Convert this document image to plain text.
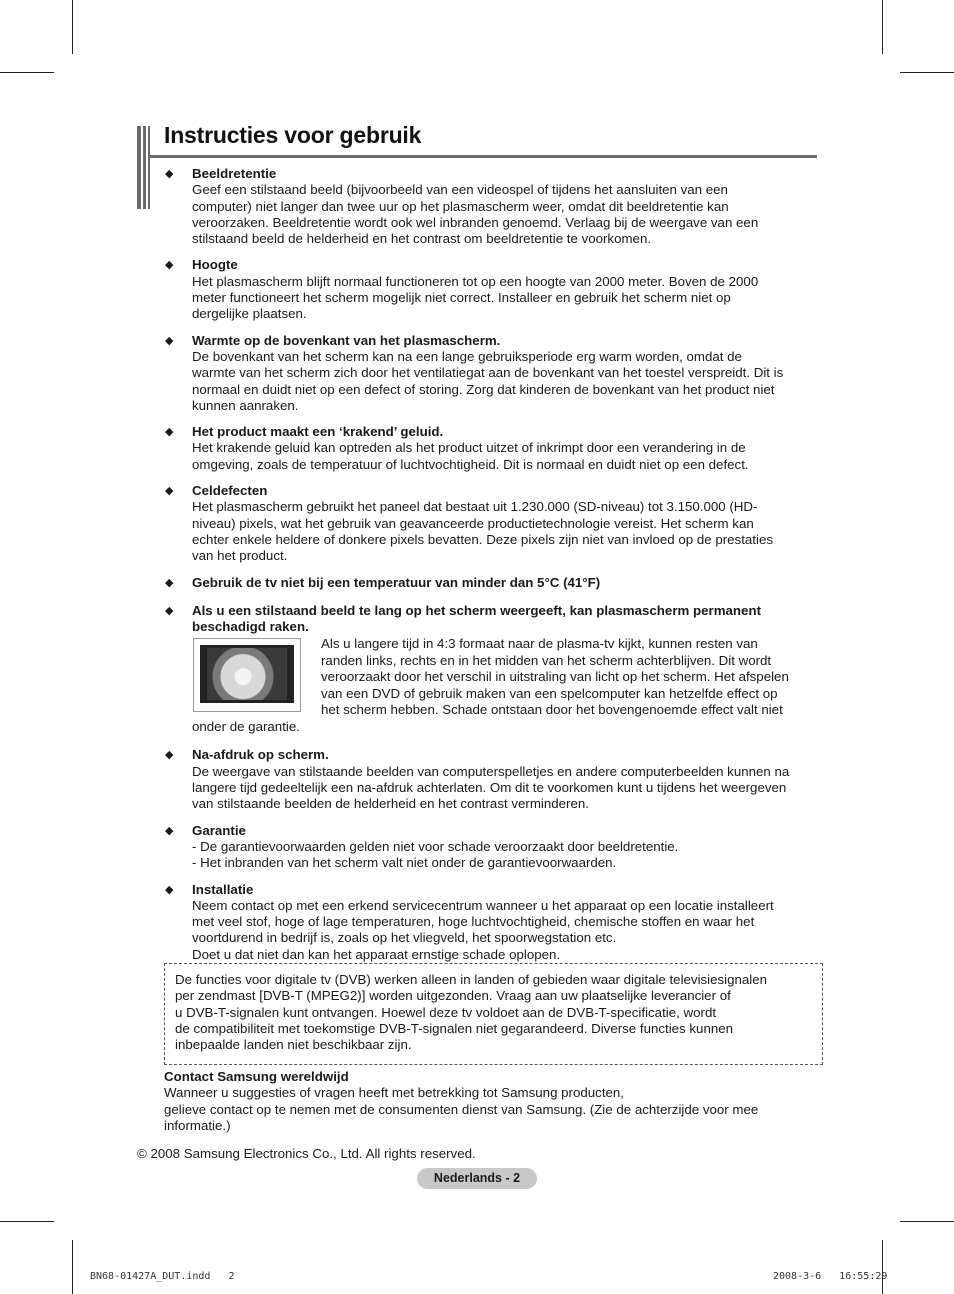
Instructies voor gebruik
◆ Beeldretentie
Geef een stilstaand beeld (bijvoorbeeld van een videospel of tijdens het aansluiten van een
computer) niet langer dan twee uur op het plasmascherm weer, omdat dit beeldretentie kan
veroorzaken. Beeldretentie wordt ook wel inbranden genoemd. Verlaag bij de weergave van een
stilstaand beeld de helderheid en het contrast om beeldretentie te voorkomen.
◆ Hoogte
Het plasmascherm blijft normaal functioneren tot op een hoogte van 2000 meter. Boven de 2000
meter functioneert het scherm mogelijk niet correct. Installeer en gebruik het scherm niet op
dergelijke plaatsen.
◆ Warmte op de bovenkant van het plasmascherm.
De bovenkant van het scherm kan na een lange gebruiksperiode erg warm worden, omdat de
warmte van het scherm zich door het ventilatiegat aan de bovenkant van het toestel verspreidt. Dit is
normaal en duidt niet op een defect of storing. Zorg dat kinderen de bovenkant van het product niet
kunnen aanraken.
◆ Het product maakt een ‘krakend’ geluid.
Het krakende geluid kan optreden als het product uitzet of inkrimpt door een verandering in de
omgeving, zoals de temperatuur of luchtvochtigheid. Dit is normaal en duidt niet op een defect.
◆ Celdefecten
Het plasmascherm gebruikt het paneel dat bestaat uit 1.230.000 (SD-niveau) tot 3.150.000 (HD-
niveau) pixels, wat het gebruik van geavanceerde productietechnologie vereist. Het scherm kan
echter enkele heldere of donkere pixels bevatten. Deze pixels zijn niet van invloed op de prestaties
van het product.
◆ Gebruik de tv niet bij een temperatuur van minder dan 5°C (41°F)
◆ Als u een stilstaand beeld te lang op het scherm weergeeft, kan plasmascherm permanent
beschadigd raken.
Als u langere tijd in 4:3 formaat naar de plasma-tv kijkt, kunnen resten van
randen links, rechts en in het midden van het scherm achterblijven. Dit wordt
veroorzaakt door het verschil in uitstraling van licht op het scherm. Het afspelen
van een DVD of gebruik maken van een spelcomputer kan hetzelfde effect op
het scherm hebben. Schade ontstaan door het bovengenoemde effect valt niet
onder de garantie.
◆ Na-afdruk op scherm.
De weergave van stilstaande beelden van computerspelletjes en andere computerbeelden kunnen na
langere tijd gedeeltelijk een na-afdruk achterlaten. Om dit te voorkomen kunt u tijdens het weergeven
van stilstaande beelden de helderheid en het contrast verminderen.
◆ Garantie
- De garantievoorwaarden gelden niet voor schade veroorzaakt door beeldretentie.
- Het inbranden van het scherm valt niet onder de garantievoorwaarden.
◆ Installatie
Neem contact op met een erkend servicecentrum wanneer u het apparaat op een locatie installeert
met veel stof, hoge of lage temperaturen, hoge luchtvochtigheid, chemische stoffen en waar het
voortdurend in bedrijf is, zoals op het vliegveld, het spoorwegstation etc.
Doet u dat niet dan kan het apparaat ernstige schade oplopen.
De functies voor digitale tv (DVB) werken alleen in landen of gebieden waar digitale televisiesignalen
per zendmast [DVB-T (MPEG2)] worden uitgezonden. Vraag aan uw plaatselijke leverancier of
u DVB-T-signalen kunt ontvangen. Hoewel deze tv voldoet aan de DVB-T-specificatie, wordt
de compatibiliteit met toekomstige DVB-T-signalen niet gegarandeerd. Diverse functies kunnen
inbepaalde landen niet beschikbaar zijn.
Contact Samsung wereldwijd
Wanneer u suggesties of vragen heeft met betrekking tot Samsung producten,
gelieve contact op te nemen met de consumenten dienst van Samsung. (Zie de achterzijde voor mee
informatie.)
© 2008 Samsung Electronics Co., Ltd. All rights reserved.
Nederlands - 2
BN68-01427A_DUT.indd   2	2008-3-6   16:55:29
